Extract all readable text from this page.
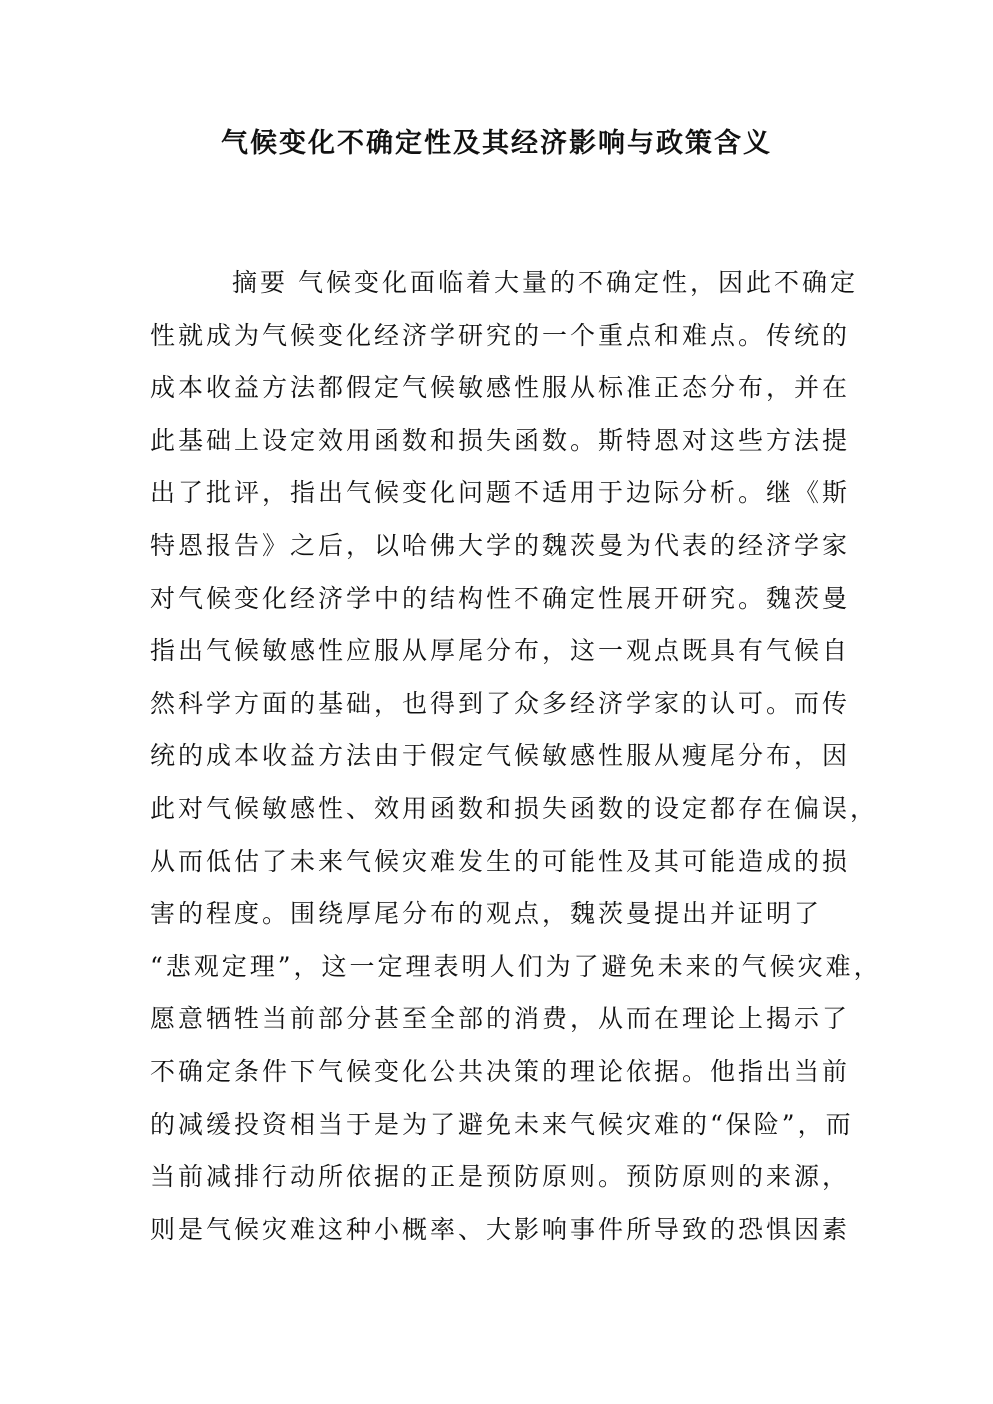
气候变化不确定性及其经济影响与政策含义
摘要 气候变化面临着大量的不确定性，因此不确定
性就成为气候变化经济学研究的一个重点和难点。传统的
成本收益方法都假定气候敏感性服从标准正态分布，并在
此基础上设定效用函数和损失函数。斯特恩对这些方法提
出了批评，指出气候变化问题不适用于边际分析。继《斯
特恩报告》之后，以哈佛大学的魏茨曼为代表的经济学家
对气候变化经济学中的结构性不确定性展开研究。魏茨曼
指出气候敏感性应服从厚尾分布，这一观点既具有气候自
然科学方面的基础，也得到了众多经济学家的认可。而传
统的成本收益方法由于假定气候敏感性服从瘦尾分布，因
此对气候敏感性、效用函数和损失函数的设定都存在偏误，
从而低估了未来气候灾难发生的可能性及其可能造成的损
害的程度。围绕厚尾分布的观点，魏茨曼提出并证明了
“悲观定理”，这一定理表明人们为了避免未来的气候灾难，
愿意牺牲当前部分甚至全部的消费，从而在理论上揭示了
不确定条件下气候变化公共决策的理论依据。他指出当前
的减缓投资相当于是为了避免未来气候灾难的“保险”，而
当前减排行动所依据的正是预防原则。预防原则的来源，
则是气候灾难这种小概率、大影响事件所导致的恐惧因素
